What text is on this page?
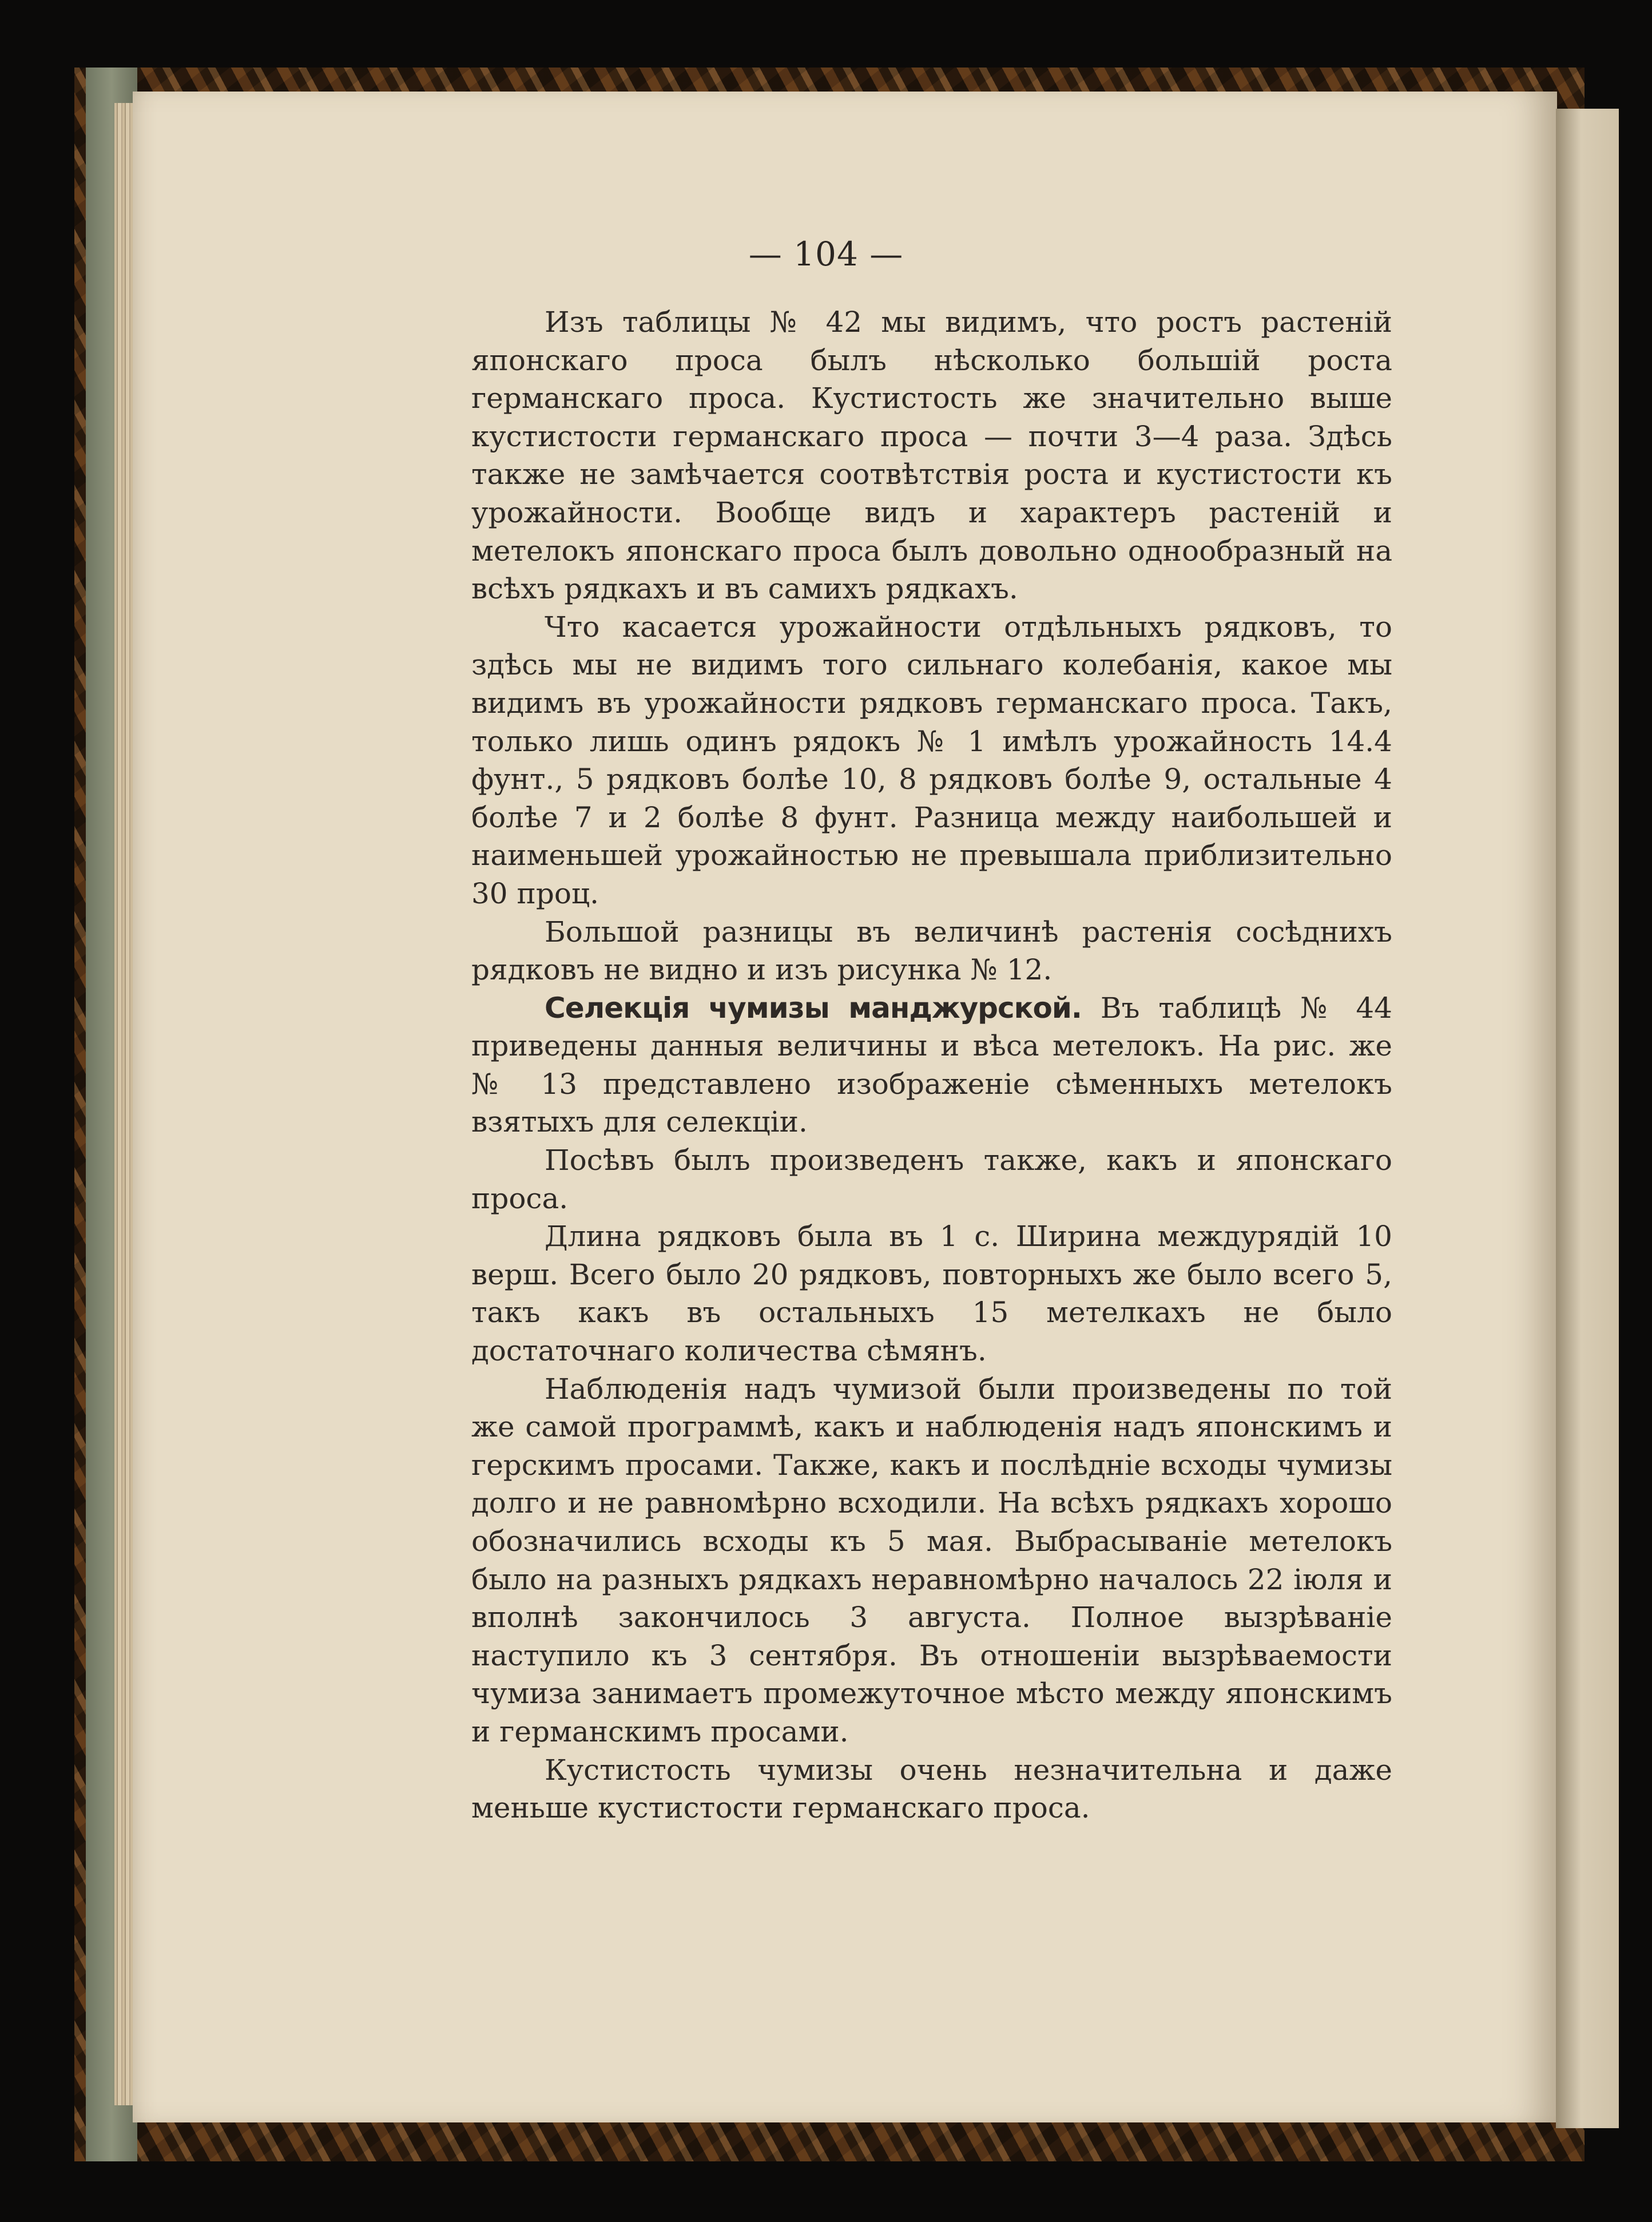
— 104 —

Изъ таблицы № 42 мы видимъ, что ростъ растеній японскаго проса былъ нѣсколько большій роста германскаго проса. Кустистость же значительно выше кустистости германскаго проса — почти 3—4 раза. Здѣсь также не замѣчается соотвѣтствія роста и кустистости къ урожайности. Вообще видъ и характеръ растеній и метелокъ японскаго проса былъ довольно однообразный на всѣхъ рядкахъ и въ самихъ рядкахъ.

Что касается урожайности отдѣльныхъ рядковъ, то здѣсь мы не видимъ того сильнаго колебанія, какое мы видимъ въ урожайности рядковъ германскаго проса. Такъ, только лишь одинъ рядокъ № 1 имѣлъ урожайность 14.4 фунт., 5 рядковъ болѣе 10, 8 рядковъ болѣе 9, остальные 4 болѣе 7 и 2 болѣе 8 фунт. Разница между наибольшей и наименьшей урожайностью не превышала приблизительно 30 проц.

Большой разницы въ величинѣ растенія сосѣднихъ рядковъ не видно и изъ рисунка № 12.

Селекція чумизы манджурской. Въ таблицѣ № 44 приведены данныя величины и вѣса метелокъ. На рис. же № 13 представлено изображеніе сѣменныхъ метелокъ взятыхъ для селекціи.

Посѣвъ былъ произведенъ также, какъ и японскаго проса.

Длина рядковъ была въ 1 с. Ширина междурядій 10 верш. Всего было 20 рядковъ, повторныхъ же было всего 5, такъ какъ въ остальныхъ 15 метелкахъ не было достаточнаго количества сѣмянъ.

Наблюденія надъ чумизой были произведены по той же самой программѣ, какъ и наблюденія надъ японскимъ и герскимъ просами. Также, какъ и послѣдніе всходы чумизы долго и не равномѣрно всходили. На всѣхъ рядкахъ хорошо обозначились всходы къ 5 мая. Выбрасываніе метелокъ было на разныхъ рядкахъ неравномѣрно началось 22 іюля и вполнѣ закончилось 3 августа. Полное вызрѣваніе наступило къ 3 сентября. Въ отношеніи вызрѣваемости чумиза занимаетъ промежуточное мѣсто между японскимъ и германскимъ просами.

Кустистость чумизы очень незначительна и даже меньше кустистости германскаго проса.
